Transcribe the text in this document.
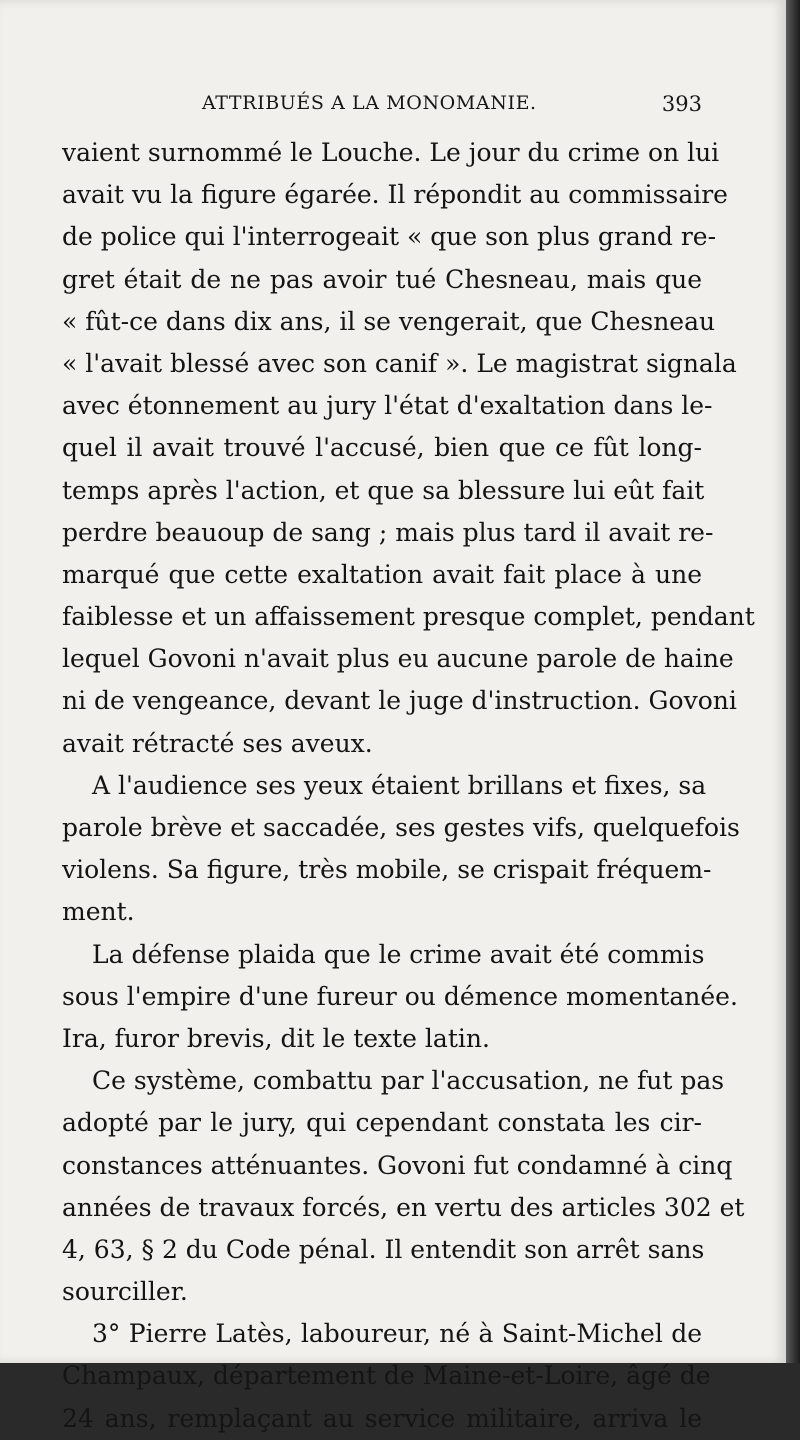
ATTRIBUÉS A LA MONOMANIE.	393
vaient surnommé le Louche. Le jour du crime on lui
avait vu la figure égarée. Il répondit au commissaire
de police qui l'interrogeait « que son plus grand re-
gret était de ne pas avoir tué Chesneau, mais que
« fût-ce dans dix ans, il se vengerait, que Chesneau
« l'avait blessé avec son canif ». Le magistrat signala
avec étonnement au jury l'état d'exaltation dans le-
quel il avait trouvé l'accusé, bien que ce fût long-
temps après l'action, et que sa blessure lui eût fait
perdre beauoup de sang ; mais plus tard il avait re-
marqué que cette exaltation avait fait place à une
faiblesse et un affaissement presque complet, pendant
lequel Govoni n'avait plus eu aucune parole de haine
ni de vengeance, devant le juge d'instruction. Govoni
avait rétracté ses aveux.
A l'audience ses yeux étaient brillans et fixes, sa
parole brève et saccadée, ses gestes vifs, quelquefois
violens. Sa figure, très mobile, se crispait fréquem-
ment.
La défense plaida que le crime avait été commis
sous l'empire d'une fureur ou démence momentanée.
Ira, furor brevis, dit le texte latin.
Ce système, combattu par l'accusation, ne fut pas
adopté par le jury, qui cependant constata les cir-
constances atténuantes. Govoni fut condamné à cinq
années de travaux forcés, en vertu des articles 302 et
4, 63, § 2 du Code pénal. Il entendit son arrêt sans
sourciller.
3° Pierre Latès, laboureur, né à Saint-Michel de
Champaux, département de Maine-et-Loire, âgé de
24 ans, remplaçant au service militaire, arriva le
